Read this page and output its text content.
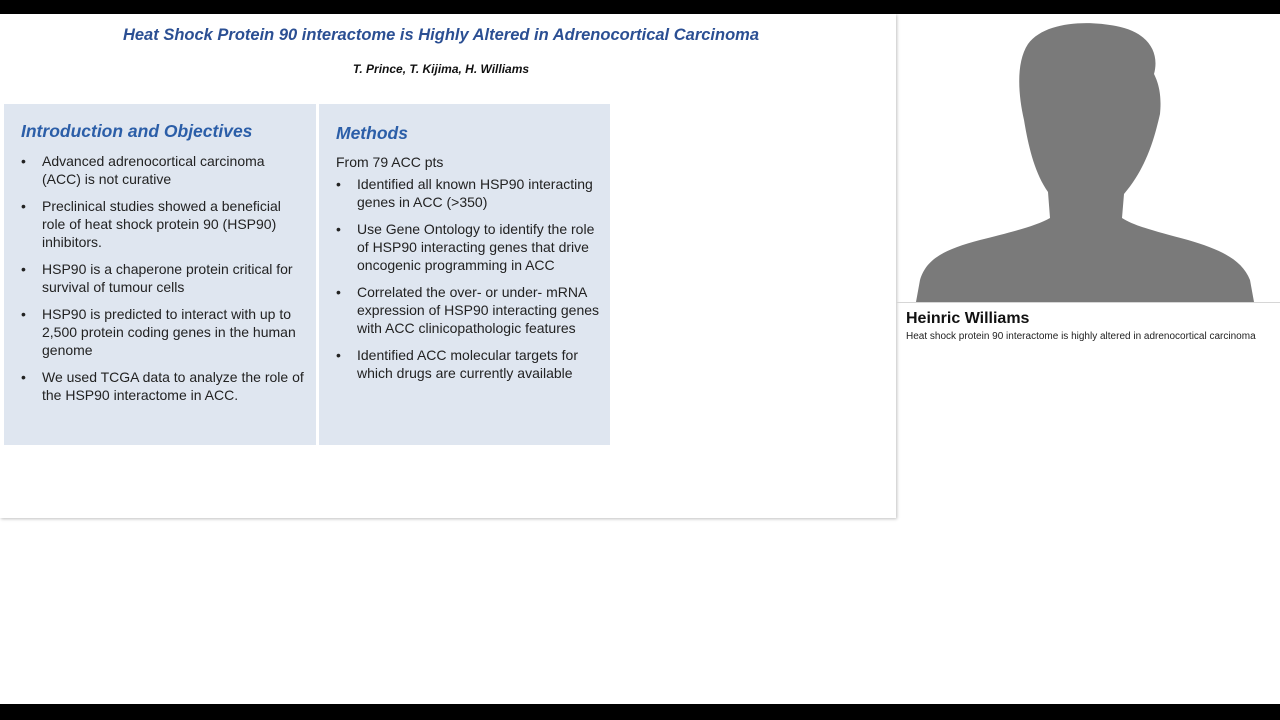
Heat Shock Protein 90 interactome is Highly Altered in Adrenocortical Carcinoma
T. Prince, T. Kijima, H. Williams
Introduction and Objectives
• Advanced adrenocortical carcinoma (ACC) is not curative
• Preclinical studies showed a beneficial role of heat shock protein 90 (HSP90) inhibitors.
• HSP90 is a chaperone protein critical for survival of tumour cells
• HSP90 is predicted to interact with up to 2,500 protein coding genes in the human genome
• We used TCGA data to analyze the role of the HSP90 interactome in ACC.
Methods
From 79 ACC pts
• Identified all known HSP90 interacting genes in ACC (>350)
• Use Gene Ontology to identify the role of HSP90 interacting genes that drive oncogenic programming in ACC
• Correlated the over- or under- mRNA expression of HSP90 interacting genes with ACC clinicopathologic features
• Identified ACC molecular targets for which drugs are currently available
Heinric Williams
Heat shock protein 90 interactome is highly altered in adrenocortical carcinoma
